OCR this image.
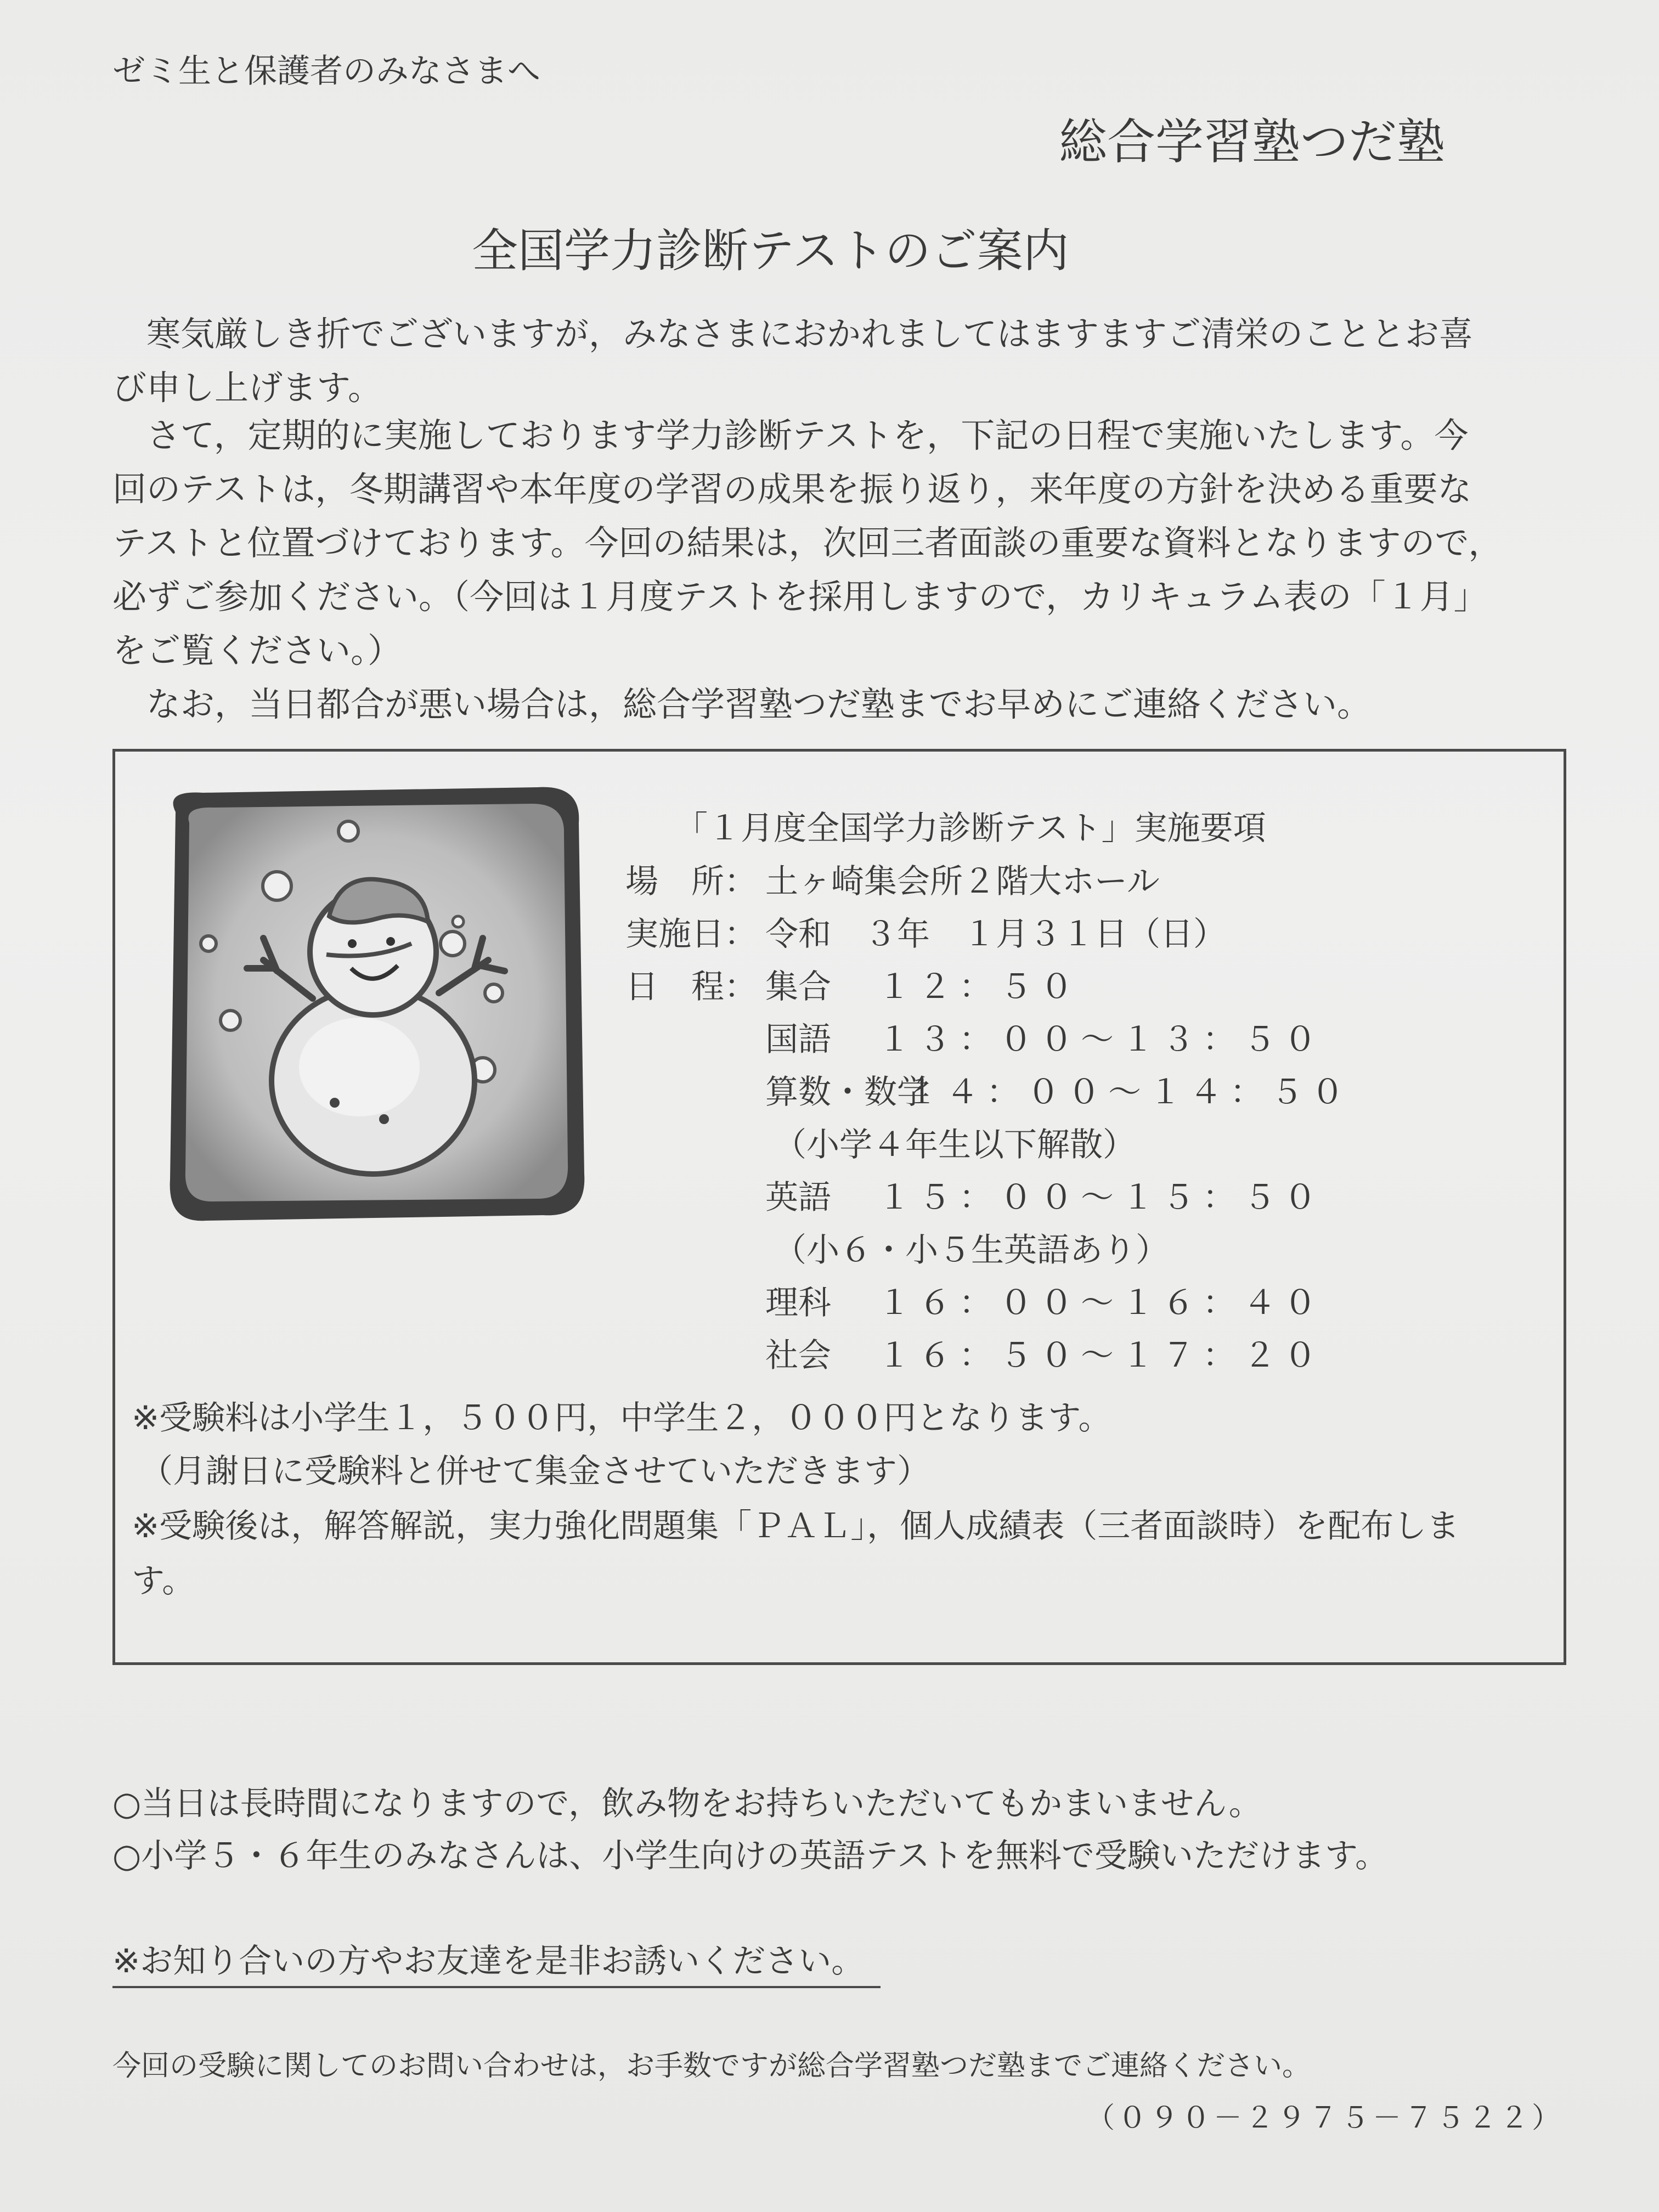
ゼミ生と保護者のみなさまへ
総合学習塾つだ塾
全国学力診断テストのご案内
寒気厳しき折でございますが，みなさまにおかれましてはますますご清栄のこととお喜
び申し上げます。
さて，定期的に実施しております学力診断テストを，下記の日程で実施いたします。今
回のテストは，冬期講習や本年度の学習の成果を振り返り，来年度の方針を決める重要な
テストと位置づけております。今回の結果は，次回三者面談の重要な資料となりますので，
必ずご参加ください。（今回は１月度テストを採用しますので，カリキュラム表の「１月」
をご覧ください。）
なお，当日都合が悪い場合は，総合学習塾つだ塾までお早めにご連絡ください。
「１月度全国学力診断テスト」実施要項
場　所： 土ヶ崎集会所２階大ホール
実施日： 令和　３年　１月３１日（日）
日　程： 集合 １２：５０
国語 １３：００～１３：５０
算数・数学
１４：００～１４：５０
（小学４年生以下解散）
英語 １５：００～１５：５０
（小６・小５生英語あり）
理科 １６：００～１６：４０
社会 １６：５０～１７：２０
※受験料は小学生１，５００円，中学生２，０００円となります。
（月謝日に受験料と併せて集金させていただきます）
※受験後は，解答解説，実力強化問題集「ＰＡＬ」，個人成績表（三者面談時）を配布しま
す。
○当日は長時間になりますので，飲み物をお持ちいただいてもかまいません。
○小学５・６年生のみなさんは、小学生向けの英語テストを無料で受験いただけます。
※お知り合いの方やお友達を是非お誘いください。
今回の受験に関してのお問い合わせは，お手数ですが総合学習塾つだ塾までご連絡ください。
（０９０－２９７５－７５２２）
